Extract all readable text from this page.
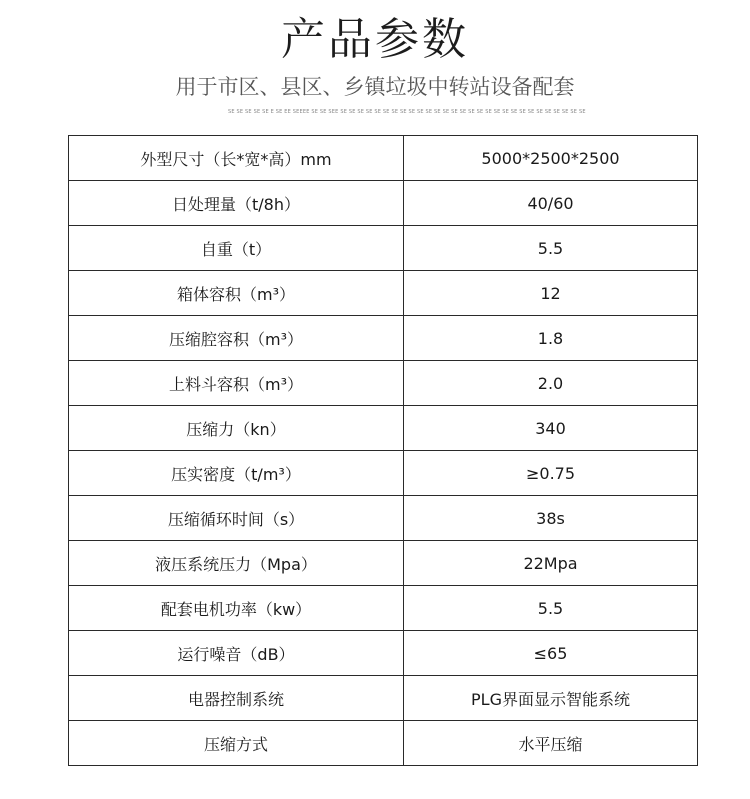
产品参数
用于市区、县区、乡镇垃圾中转站设备配套
SE SE SE SE SE E SE EE SEEEE SE SE SEE SE SE SE SE SE SE SE SE SE SE SE SE SE SE SE SE SE SE SE SE SE SE SE SE SE SE SE SE SE
外型尺寸（长*宽*高）mm	5000*2500*2500
日处理量（t/8h）	40/60
自重（t）	5.5
箱体容积（m³）	12
压缩腔容积（m³）	1.8
上料斗容积（m³）	2.0
压缩力（kn）	340
压实密度（t/m³）	≥0.75
压缩循环时间（s）	38s
液压系统压力（Mpa）	22Mpa
配套电机功率（kw）	5.5
运行噪音（dB）	≤65
电器控制系统	PLG界面显示智能系统
压缩方式	水平压缩
